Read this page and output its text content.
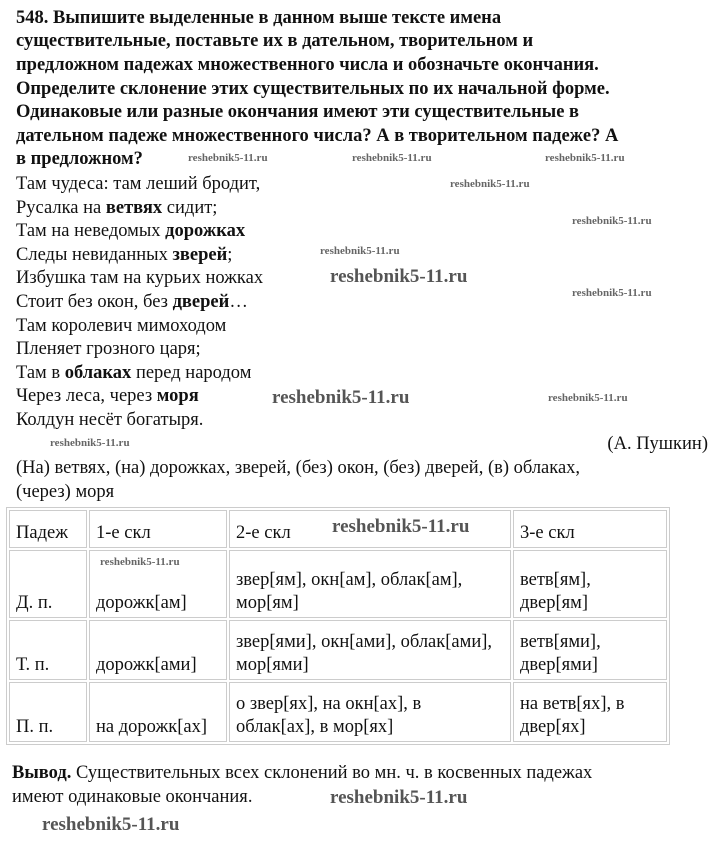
548. Выпишите выделенные в данном выше тексте имена
существительные, поставьте их в дательном, творительном и
предложном падежах множественного числа и обозначьте окончания.
Определите склонение этих существительных по их начальной форме.
Одинаковые или разные окончания имеют эти существительные в
дательном падеже множественного числа? А в творительном падеже? А
в предложном?
Там чудеса: там леший бродит,
Русалка на ветвях сидит;
Там на неведомых дорожках
Следы невиданных зверей;
Избушка там на курьих ножках
Стоит без окон, без дверей…
Там королевич мимоходом
Пленяет грозного царя;
Там в облаках перед народом
Через леса, через моря
Колдун несёт богатыря.
(А. Пушкин)
(На) ветвях, (на) дорожках, зверей, (без) окон, (без) дверей, (в) облаках,
(через) моря
Падеж	1-е скл	2-е скл	3-е скл
Д. п.	дорожк[ам]	звер[ям], окн[ам], облак[ам], мор[ям]	ветв[ям], двер[ям]
Т. п.	дорожк[ами]	звер[ями], окн[ами], облак[ами], мор[ями]	ветв[ями], двер[ями]
П. п.	на дорожк[ах]	о звер[ях], на окн[ах], в облак[ах], в мор[ях]	на ветв[ях], в двер[ях]
Вывод. Существительных всех склонений во мн. ч. в косвенных падежах
имеют одинаковые окончания.
reshebnik5-11.ru
reshebnik5-11.ru	reshebnik5-11.ru	reshebnik5-11.ru
reshebnik5-11.ru
reshebnik5-11.ru
reshebnik5-11.ru
reshebnik5-11.ru
reshebnik5-11.ru	reshebnik5-11.ru
reshebnik5-11.ru
reshebnik5-11.ru
reshebnik5-11.ru
reshebnik5-11.ru
reshebnik5-11.ru
